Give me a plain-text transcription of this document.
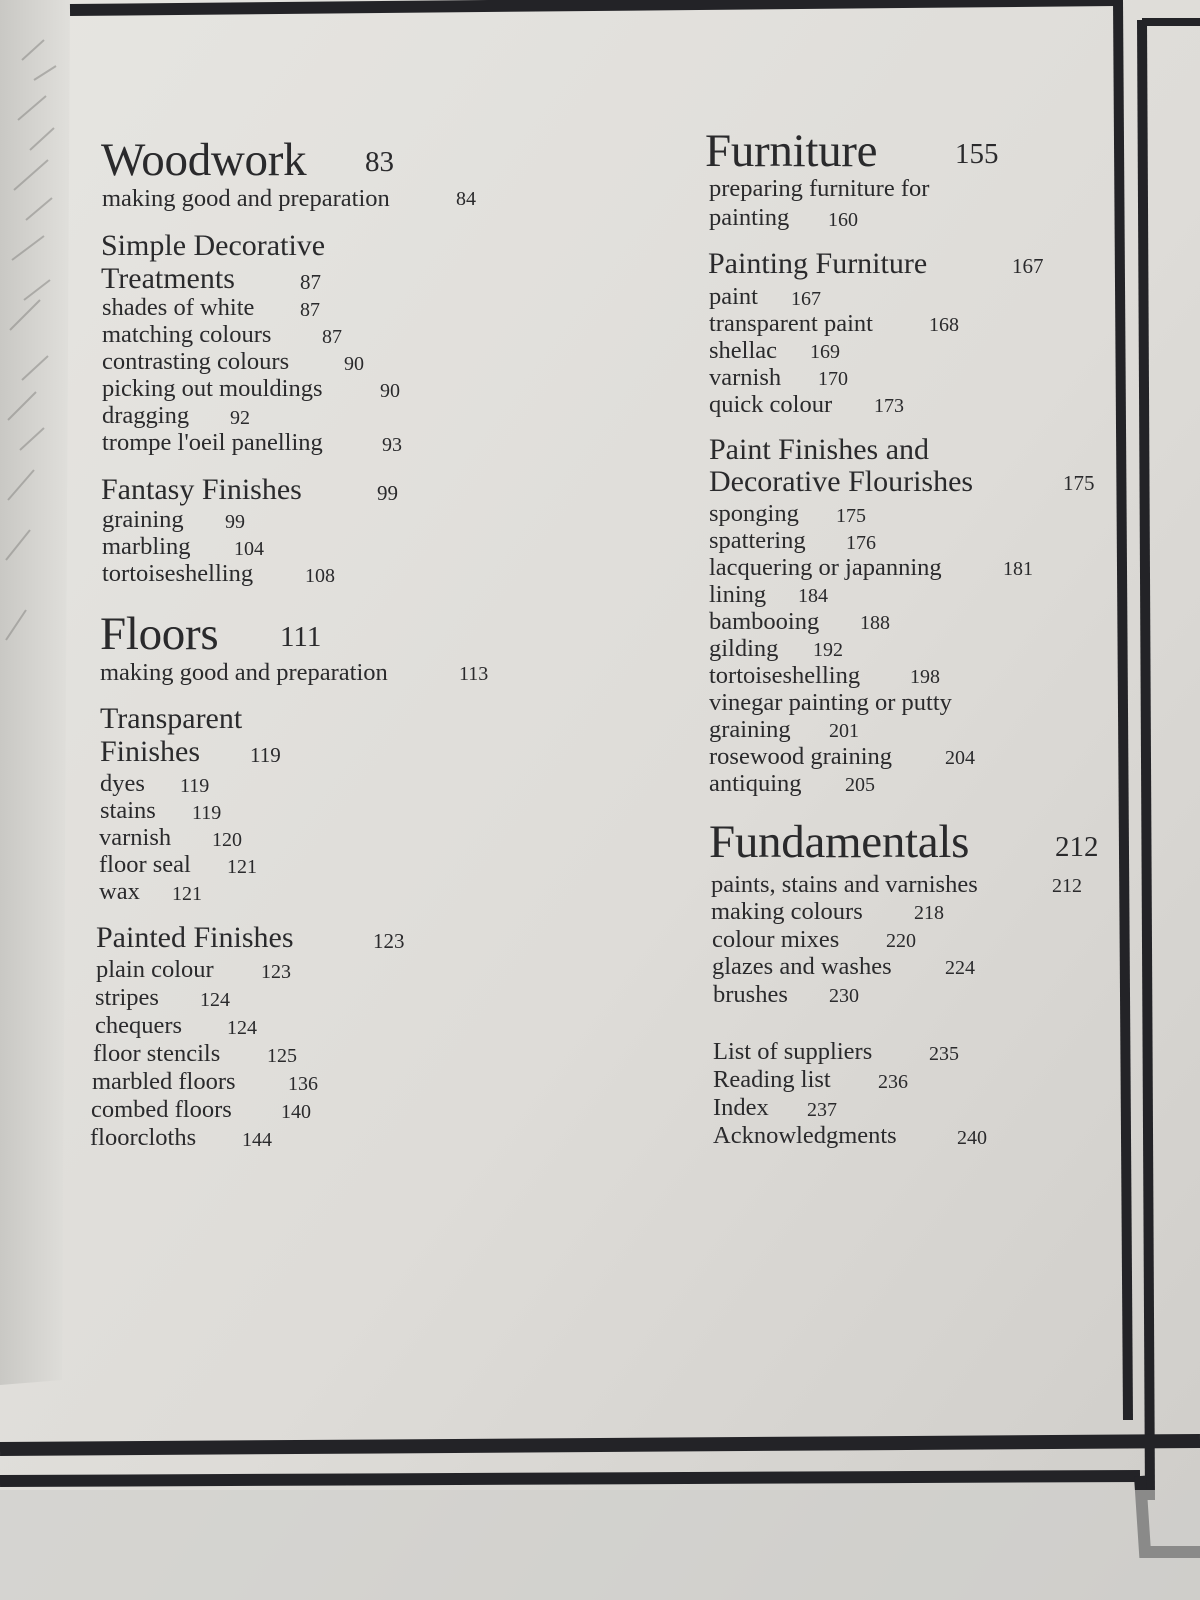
Woodwork 83
making good and preparation	84
Simple Decorative
Treatments	87
shades of white 87
matching colours	87
contrasting colours	90
picking out mouldings	90
dragging 92
trompe l'oeil panelling	93
Fantasy Finishes	99
graining 99
marbling 104
tortoiseshelling	108
Floors 111
making good and preparation	113
Transparent
Finishes 119
dyes 119
stains 119
varnish 120
floor seal 121
wax 121
Painted Finishes	123
plain colour 123
stripes 124
chequers 124
floor stencils 125
marbled floors	136
combed floors 140
floorcloths 144
Furniture	155
preparing furniture for
painting 160
Painting Furniture	167
paint 167
transparent paint	168
shellac 169
varnish 170
quick colour 173
Paint Finishes and
Decorative Flourishes	175
sponging 175
spattering 176
lacquering or japanning	181
lining 184
bambooing 188
gilding 192
tortoiseshelling 198
vinegar painting or putty
graining 201
rosewood graining	204
antiquing 205
Fundamentals	212
paints, stains and varnishes	212
making colours	218
colour mixes 220
glazes and washes	224
brushes 230
List of suppliers	235
Reading list 236
Index 237
Acknowledgments	240
